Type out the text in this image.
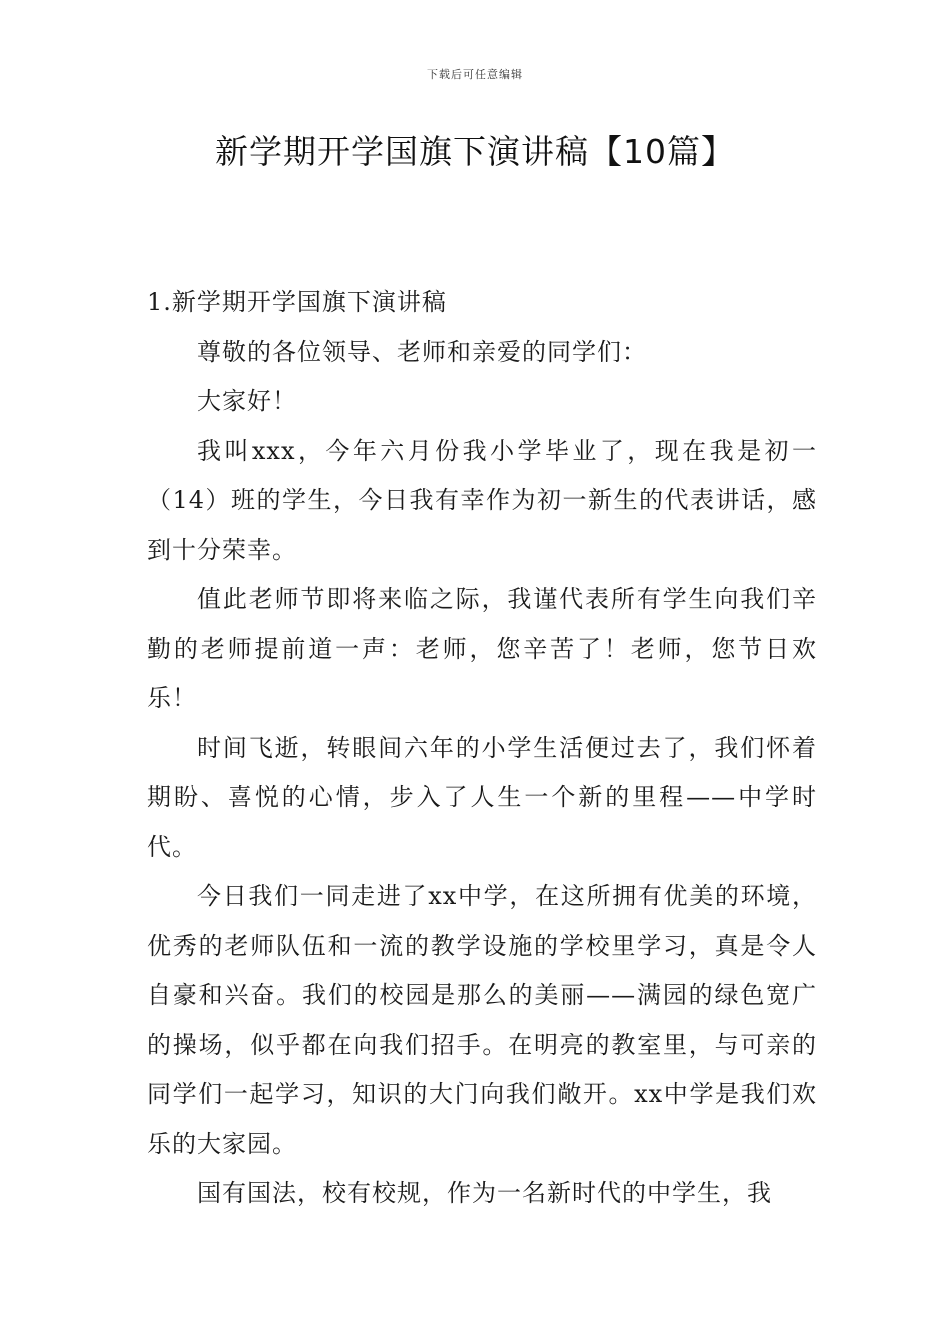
下载后可任意编辑
新学期开学国旗下演讲稿【10篇】

1.新学期开学国旗下演讲稿

尊敬的各位领导、老师和亲爱的同学们：

大家好！

我叫xxx，今年六月份我小学毕业了，现在我是初一（14）班的学生，今日我有幸作为初一新生的代表讲话，感到十分荣幸。

值此老师节即将来临之际，我谨代表所有学生向我们辛勤的老师提前道一声：老师，您辛苦了！老师，您节日欢乐！

时间飞逝，转眼间六年的小学生活便过去了，我们怀着期盼、喜悦的心情，步入了人生一个新的里程——中学时代。

今日我们一同走进了xx中学，在这所拥有优美的环境，优秀的老师队伍和一流的教学设施的学校里学习，真是令人自豪和兴奋。我们的校园是那么的美丽——满园的绿色宽广的操场，似乎都在向我们招手。在明亮的教室里，与可亲的同学们一起学习，知识的大门向我们敞开。xx中学是我们欢乐的大家园。

国有国法，校有校规，作为一名新时代的中学生，我
